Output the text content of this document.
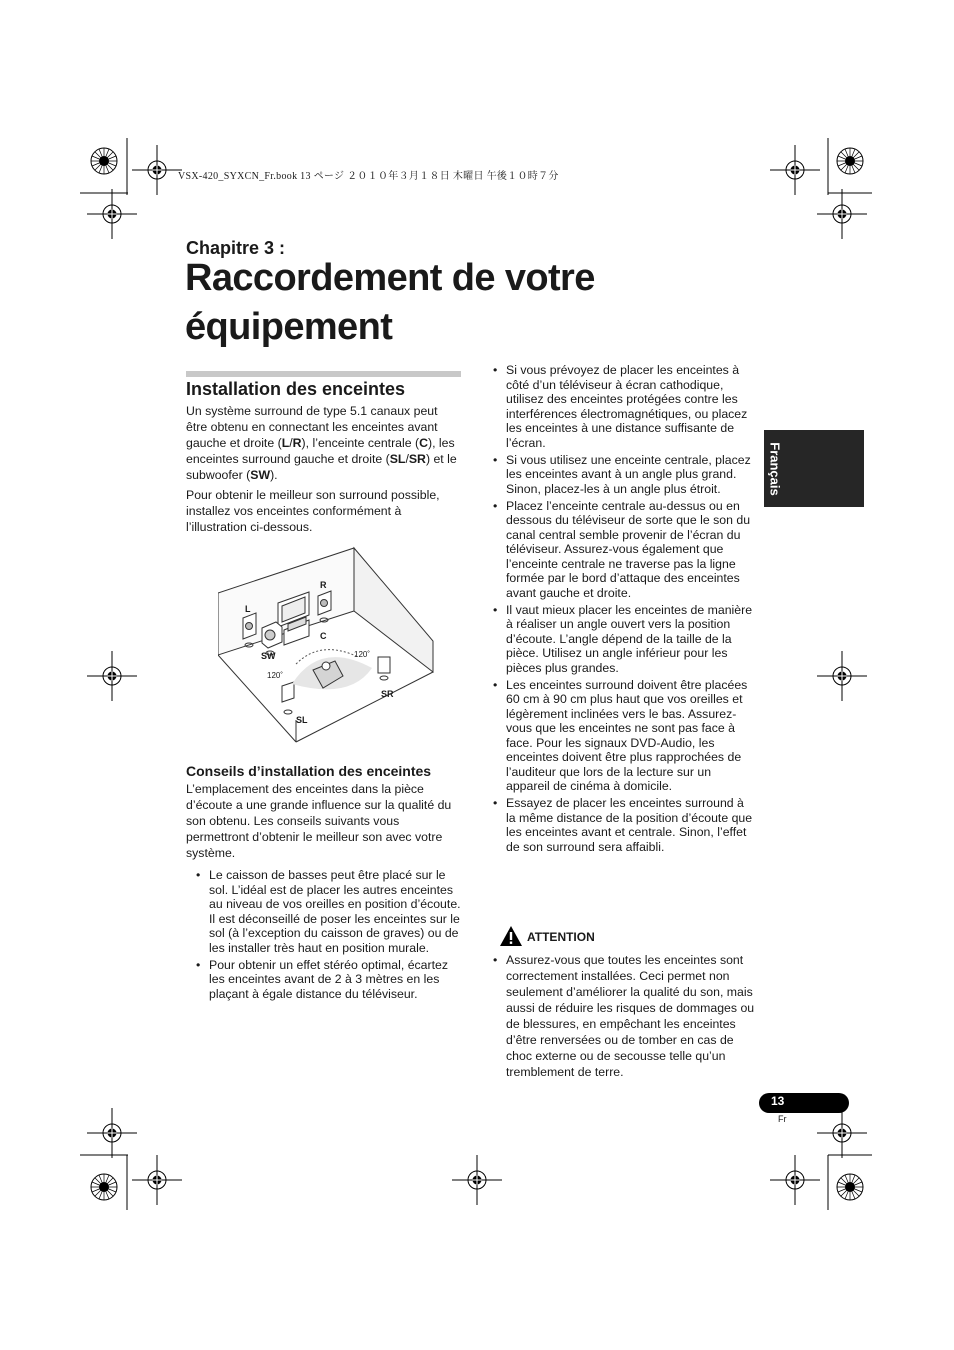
VSX-420_SYXCN_Fr.book 13 ページ ２０１０年３月１８日 木曜日 午後１０時７分
Chapitre 3 :
Raccordement de votre
équipement
Installation des enceintes
Un système surround de type 5.1 canaux peut être obtenu en connectant les enceintes avant gauche et droite (L/R), l’enceinte centrale (C), les enceintes surround gauche et droite (SL/SR) et le subwoofer (SW).
Pour obtenir le meilleur son surround possible, installez vos enceintes conformément à l’illustration ci-dessous.
L
R
C
SW
SR
SL
120˚
120˚
Conseils d’installation des enceintes
L’emplacement des enceintes dans la pièce d’écoute a une grande influence sur la qualité du son obtenu. Les conseils suivants vous permettront d’obtenir le meilleur son avec votre système.
• Le caisson de basses peut être placé sur le sol. L’idéal est de placer les autres enceintes au niveau de vos oreilles en position d’écoute. Il est déconseillé de poser les enceintes sur le sol (à l’exception du caisson de graves) ou de les installer très haut en position murale.
• Pour obtenir un effet stéréo optimal, écartez les enceintes avant de 2 à 3 mètres en les plaçant à égale distance du téléviseur.
• Si vous prévoyez de placer les enceintes à côté d’un téléviseur à écran cathodique, utilisez des enceintes protégées contre les interférences électromagnétiques, ou placez les enceintes à une distance suffisante de l’écran.
• Si vous utilisez une enceinte centrale, placez les enceintes avant à un angle plus grand. Sinon, placez-les à un angle plus étroit.
• Placez l’enceinte centrale au-dessus ou en dessous du téléviseur de sorte que le son du canal central semble provenir de l’écran du téléviseur. Assurez-vous également que l’enceinte centrale ne traverse pas la ligne formée par le bord d’attaque des enceintes avant gauche et droite.
• Il vaut mieux placer les enceintes de manière à réaliser un angle ouvert vers la position d’écoute. L’angle dépend de la taille de la pièce. Utilisez un angle inférieur pour les pièces plus grandes.
• Les enceintes surround doivent être placées 60 cm à 90 cm plus haut que vos oreilles et légèrement inclinées vers le bas. Assurez-vous que les enceintes ne sont pas face à face. Pour les signaux DVD-Audio, les enceintes doivent être plus rapprochées de l’auditeur que lors de la lecture sur un appareil de cinéma à domicile.
• Essayez de placer les enceintes surround à la même distance de la position d’écoute que les enceintes avant et centrale. Sinon, l’effet de son surround sera affaibli.
ATTENTION
• Assurez-vous que toutes les enceintes sont correctement installées. Ceci permet non seulement d’améliorer la qualité du son, mais aussi de réduire les risques de dommages ou de blessures, en empêchant les enceintes d’être renversées ou de tomber en cas de choc externe ou de secousse telle qu’un tremblement de terre.
Français
13
Fr
